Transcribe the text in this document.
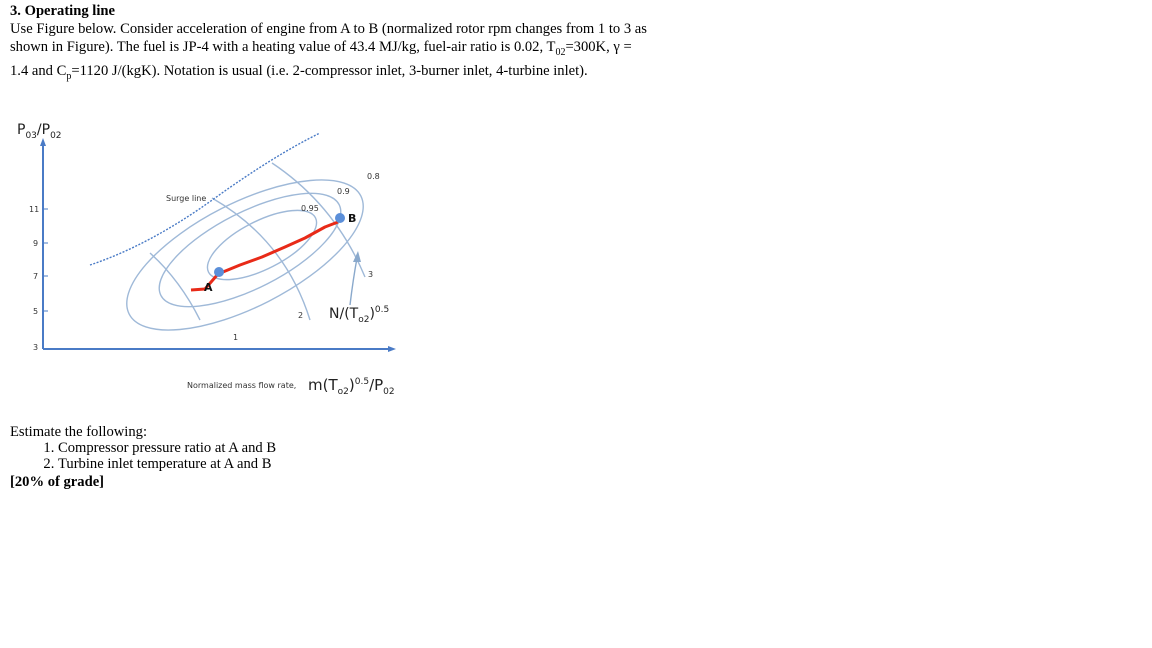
3. Operating line

Use Figure below. Consider acceleration of engine from A to B (normalized rotor rpm changes from 1 to 3 as shown in Figure). The fuel is JP-4 with a heating value of 43.4 MJ/kg, fuel-air ratio is 0.02, $T_{02}=300K$, γ = 1.4 and $C_p=1120$ J/(kgK). Notation is usual (i.e. 2-compressor inlet, 3-burner inlet, 4-turbine inlet).

11
9
7
5
3
$P_{03}/P_{02}$
Surge line
0.95
0.9
0.8
1
2
3
A
B
$N/(T_{o2})^{0.5}$
Normalized mass flow rate, $m(T_{o2})^{0.5}/P_{02}$
Estimate the following:
1. Compressor pressure ratio at A and B
2. Turbine inlet temperature at A and B
[20% of grade]
